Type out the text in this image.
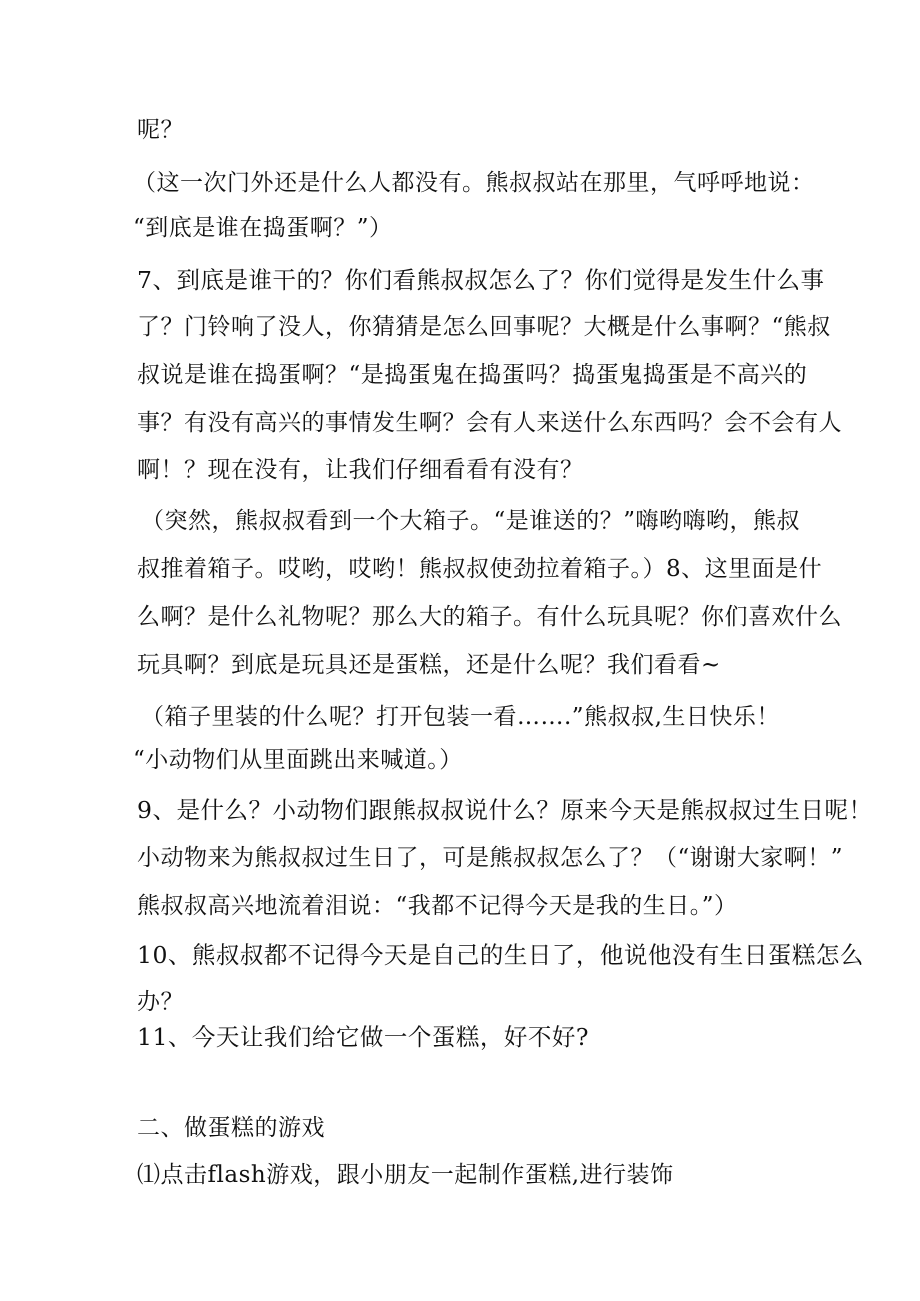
呢？
（这一次门外还是什么人都没有。熊叔叔站在那里，气呼呼地说：
“到底是谁在捣蛋啊？”）
7、到底是谁干的？你们看熊叔叔怎么了？你们觉得是发生什么事
了？门铃响了没人，你猜猜是怎么回事呢？大概是什么事啊？“熊叔
叔说是谁在捣蛋啊？“是捣蛋鬼在捣蛋吗？捣蛋鬼捣蛋是不高兴的
事？有没有高兴的事情发生啊？会有人来送什么东西吗？会不会有人
啊！？现在没有，让我们仔细看看有没有？
（突然，熊叔叔看到一个大箱子。“是谁送的？”嗨哟嗨哟，熊叔
叔推着箱子。哎哟，哎哟！熊叔叔使劲拉着箱子。）8、这里面是什
么啊？是什么礼物呢？那么大的箱子。有什么玩具呢？你们喜欢什么
玩具啊？到底是玩具还是蛋糕，还是什么呢？我们看看~
（箱子里装的什么呢？打开包装一看…….”熊叔叔,生日快乐！
“小动物们从里面跳出来喊道。）
9、是什么？小动物们跟熊叔叔说什么？原来今天是熊叔叔过生日呢！
小动物来为熊叔叔过生日了，可是熊叔叔怎么了？（“谢谢大家啊！”
熊叔叔高兴地流着泪说：“我都不记得今天是我的生日。”）
10、熊叔叔都不记得今天是自己的生日了，他说他没有生日蛋糕怎么
办？
11、今天让我们给它做一个蛋糕，好不好?
二、做蛋糕的游戏
⑴点击flash游戏，跟小朋友一起制作蛋糕,进行装饰
